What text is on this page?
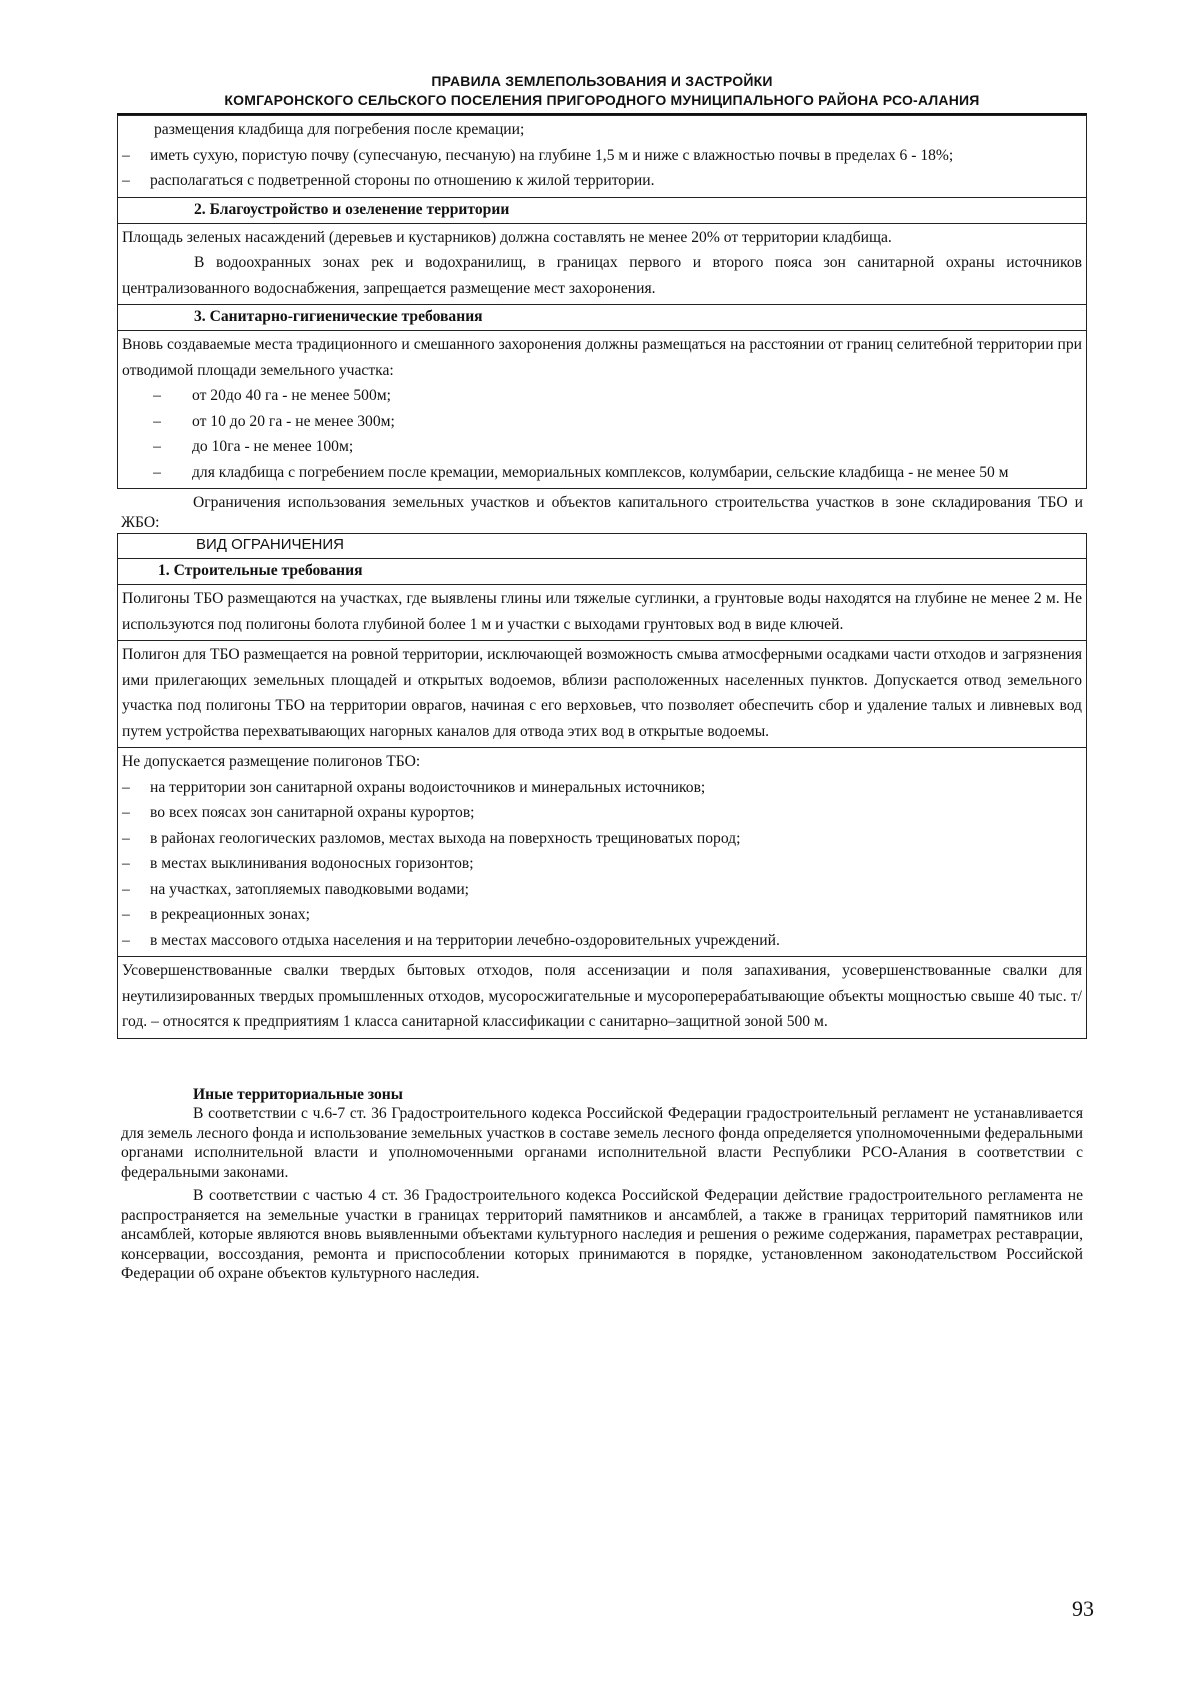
ПРАВИЛА ЗЕМЛЕПОЛЬЗОВАНИЯ И ЗАСТРОЙКИ
КОМГАРОНСКОГО СЕЛЬСКОГО ПОСЕЛЕНИЯ ПРИГОРОДНОГО МУНИЦИПАЛЬНОГО РАЙОНА РСО-АЛАНИЯ
размещения кладбища для погребения после кремации;
–	иметь сухую, пористую почву (супесчаную, песчаную) на глубине 1,5 м и ниже с влажностью почвы в пределах 6 - 18%;
–	располагаться с подветренной стороны по отношению к жилой территории.

2. Благоустройство и озеленение территории

Площадь зеленых насаждений (деревьев и кустарников) должна составлять не менее 20% от территории кладбища.
В водоохранных зонах рек и водохранилищ, в границах первого и второго пояса зон санитарной охраны источников централизованного водоснабжения, запрещается размещение мест захоронения.

3. Санитарно-гигиенические требования

Вновь создаваемые места традиционного и смешанного захоронения должны размещаться на расстоянии от границ селитебной территории при отводимой площади земельного участка:
–	от 20до 40 га - не менее 500м;
–	от 10 до 20 га - не менее 300м;
–	до 10га - не менее 100м;
–	для кладбища с погребением после кремации, мемориальных комплексов, колумбарии, сельские кладбища - не менее 50 м
Ограничения использования земельных участков и объектов капитального строительства участков в зоне складирования ТБО и ЖБО:
ВИД ОГРАНИЧЕНИЯ
1. Строительные требования
Полигоны ТБО размещаются на участках, где выявлены глины или тяжелые суглинки, а грунтовые воды находятся на глубине не менее 2 м. Не используются под полигоны болота глубиной более 1 м и участки с выходами грунтовых вод в виде ключей.
Полигон для ТБО размещается на ровной территории, исключающей возможность смыва атмосферными осадками части отходов и загрязнения ими прилегающих земельных площадей и открытых водоемов, вблизи расположенных населенных пунктов. Допускается отвод земельного участка под полигоны ТБО на территории оврагов, начиная с его верховьев, что позволяет обеспечить сбор и удаление талых и ливневых вод путем устройства перехватывающих нагорных каналов для отвода этих вод в открытые водоемы.

Не допускается размещение полигонов ТБО:
–	на территории зон санитарной охраны водоисточников и минеральных источников;
–	во всех поясах зон санитарной охраны курортов;
–	в районах геологических разломов, местах выхода на поверхность трещиноватых пород;
–	в местах выклинивания водоносных горизонтов;
–	на участках, затопляемых паводковыми водами;
–	в рекреационных зонах;
–	в местах массового отдыха населения и на территории лечебно-оздоровительных учреждений.

Усовершенствованные свалки твердых бытовых отходов, поля ассенизации и поля запахивания, усовершенствованные свалки для неутилизированных твердых промышленных отходов, мусоросжигательные и мусороперерабатывающие объекты мощностью свыше 40 тыс. т/год. – относятся к предприятиям 1 класса санитарной классификации с санитарно–защитной зоной 500 м.
Иные территориальные зоны

В соответствии с ч.6-7 ст. 36 Градостроительного кодекса Российской Федерации градостроительный регламент не устанавливается для земель лесного фонда и использование земельных участков в составе земель лесного фонда определяется уполномоченными федеральными органами исполнительной власти и уполномоченными органами исполнительной власти Республики РСО-Алания в соответствии с федеральными законами.

В соответствии с частью 4 ст. 36 Градостроительного кодекса Российской Федерации действие градостроительного регламента не распространяется на земельные участки в границах территорий памятников и ансамблей, а также в границах территорий памятников или ансамблей, которые являются вновь выявленными объектами культурного наследия и решения о режиме содержания, параметрах реставрации, консервации, воссоздания, ремонта и приспособлении которых принимаются в порядке, установленном законодательством Российской Федерации об охране объектов культурного наследия.

93
